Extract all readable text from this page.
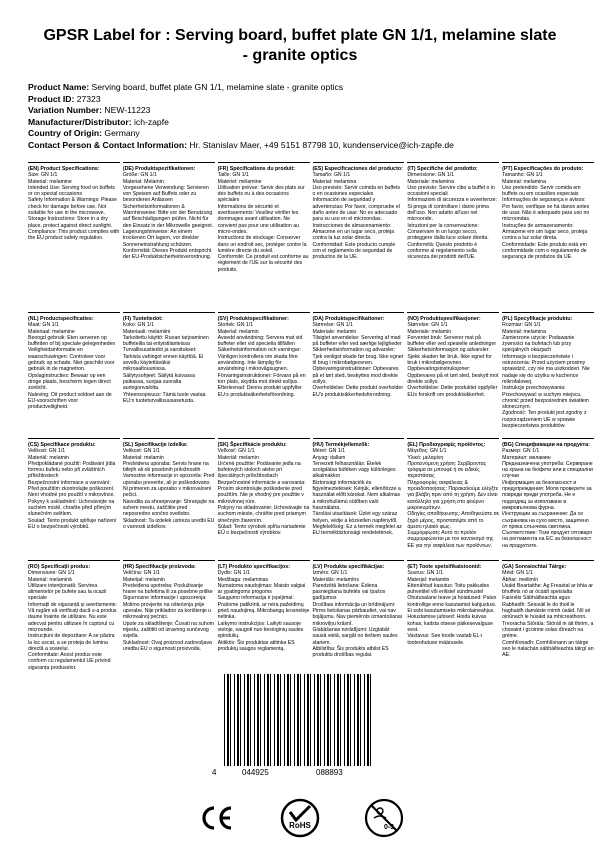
GPSR Label for : Serving board, buffet plate GN 1/1, melamine slate - granite optics
Product Name: Serving board, buffet plate GN 1/1, melamine slate - granite optics
Product ID: 27323
Variation Number: NEW-11223
Manufacturer/Distributor: ich-zapfe
Country of Origin: Germany
Contact Person & Contact Information: Hr. Stanislav Maer, +49 5151 87798 10, kundenservice@ich-zapfe.de
(EN) Product Specifications:
Size: GN 1/1
Material: melamine
Intended Use: Serving food on buffets or on special occasions
Safety Information & Warnings: Please check for damage before use. Not suitable for use in the microwave.
Storage Instructions: Store in a dry place, protect against direct sunlight.
Compliance: This product complies with the EU product safety regulation.
(DE) Produktspezifikationen:
Größe: GN 1/1
Material: Melamin
Vorgesehene Verwendung: Servieren von Speisen auf Buffets oder zu besonderen Anlässen
Sicherheitsinformationen & Warnhinweise: Bitte vor der Benutzung auf Beschädigungen prüfen. Nicht für den Einsatz in der Mikrowelle geeignet.
Lagerungshinweise: An einem trockenen Ort lagern, vor direkter Sonneneinstrahlung schützen.
Konformität: Dieses Produkt entspricht der EU-Produktsicherheitsverordnung.
(FR) Spécifications du produit:
Taille: GN 1/1
Matériel: mélamine
Utilisation prévue: Servir des plats sur des buffets ou à des occasions spéciales
Informations de sécurité et avertissements: Veuillez vérifier les dommages avant utilisation. Ne convient pas pour une utilisation au micro-ondes.
Instructions de stockage: Conserver dans un endroit sec, protéger contre la lumière directe du soleil.
Conformité: Ce produit est conforme au règlement de l'UE sur la sécurité des produits.
(ES) Especificaciones del producto:
Tamaño: GN 1/1
Material: melamina
Uso previsto: Servir comida en buffets o en ocasiones especiales
Información de seguridad y advertencias: Por favor, compruebe el daño antes de usar. No es adecuado para su uso en el microondas.
Instrucciones de almacenamiento: Almacene en un lugar seco, proteja contra la luz solar directa.
Conformidad: Este producto cumple con el reglamento de seguridad de productos de la UE.
(IT) Specifiche del prodotto:
Dimensione: GN 1/1
Materiale: melamina
Uso previsto: Servire cibo a buffet o in occasioni speciali
Informazioni di sicurezza e avvertenze: Si prega di controllare i danni prima dell'uso. Non adatto all'uso nel microonde.
Istruzioni per la conservazione: Conservare in un luogo secco, proteggere dalla luce solare diretta.
Conformità: Questo prodotto è conforme al regolamento sulla sicurezza dei prodotti dell'UE.
(PT) Especificações do produto:
Tamanho: GN 1/1
Material: melamina
Uso pretendido: Servir comida em buffets ou em ocasiões especiais
Informações de segurança e avisos: Por favor, verifique se há danos antes de usar. Não é adequado para uso no microondas.
Instruções de armazenamento: Armazene em um lugar seco, proteja contra a luz solar direta.
Conformidade: Este produto está em conformidade com o regulamento de segurança de produtos da UE.
(NL) Productspecificaties:
Maat: GN 1/1
Materiaal: melamine
Beoogd gebruik: Eten serveren op buffetten of bij speciale gelegenheden
Veiligheidsinformatie en waarschuwingen: Controleer voor gebruik op schade. Niet geschikt voor gebruik in de magnetron.
Opslaginstructies: Bewaar op een droge plaats, bescherm tegen direct zonlicht.
Naleving: Dit product voldoet aan de EU-voorschriften voor productveiligheid.
(FI) Tuotetiedot:
Koko: GN 1/1
Materiaali: melamiini
Tarkoitettu käyttö: Ruoan tarjoaminen buffeteilla tai erityistilanteissa
Turvallisuustiedot ja varoitukset: Tarkista vahingot ennen käyttöä. Ei sovellu käytettäväksi mikroaaltouunissa.
Säilytysohjeet: Säilytä kuivassa paikassa, suojaa suoralta auringonvalolta.
Yhteensopivuus: Tämä tuote vastaa EU:n tuoteturvallisuusasetusta.
(SV) Produktspecifikationer:
Storlek: GN 1/1
Material: melamin
Avsedd användning: Servera mat vid buffeter eller vid speciella tillfällen
Säkerhetsinformation och varningar: Vänligen kontrollera om skada före användning. Inte lämplig för användning i mikrovågsugnen.
Förvaringsinstruktioner: Förvara på en torr plats, skydda mot direkt solljus.
Efterlevnad: Denna produkt uppfyller EU:s produktsäkerhetsförordning.
(DA) Produktspecifikationer:
Størrelse: GN 1/1
Materiale: melamin
Tilsigtet anvendelse: Servering af mad på buffeter eller ved særlige lejligheder
Sikkerhedsinformation og advarsler: Tjek venligst skade før brug. Ikke egnet til brug i mikrobølgeovnen.
Opbevaringsinstruktioner: Opbevares på et tørt sted, beskyttes mod direkte sollys.
Overholdelse: Dette produkt overholder EU's produktsikkerhedsforordning.
(NO) Produktspesifikasjoner:
Størrelse: GN 1/1
Materiale: melamin
Forventet bruk: Serverer mat på buffeter eller ved spesielle anledninger
Sikkerhetsinformasjon og advarsler: Sjekk skaden før bruk. Ikke egnet for bruk i mikrobølgeovnen.
Oppbevaringsinstruksjoner: Oppbevares på et tørt sted, beskytt mot direkte sollys.
Overholdelse: Dette produktet oppfyller EUs forskrift om produktsikkerhet.
(PL) Specyfikacje produktu:
Rozmiar: GN 1/1
Materiał: melamina
Zamierzone użycie: Podawanie żywności na bufetach lub przy specjalnych okazjach
Informacje o bezpieczeństwie i ostrzeżenia: Przed użyciem prosimy sprawdzić, czy nie ma uszkodzeń. Nie nadaje się do użytku w kuchence mikrofalowej.
Instrukcje przechowywania: Przechowywać w suchym miejscu, chronić przed bezpośrednim światłem słonecznym.
Zgodność: Ten produkt jest zgodny z rozporządzeniem UE w sprawie bezpieczeństwa produktów.
(CS) Specifikace produktu:
Velikost: GN 1/1
Materiál: melamin
Předpokládané použití: Podávání jídla formou bufetu nebo při zvláštních příležitostech
Bezpečnostní informace a varování: Před použitím zkontrolujte poškození. Není vhodné pro použití v mikrovlnce.
Pokyny k uskladnění: Uchovávejte na suchém místě, chraňte před přímým slunečním světlem.
Soulad: Tento produkt splňuje nařízení EU o bezpečnosti výrobků.
(SL) Specifikacije izdelka:
Velikost: GN 1/1
Material: melamin
Predvidena uporaba: Servis hrane na bifejih ali ob posebnih priložnostih
Varnostne informacije in opozorila: Pred uporabo preverite, ali je poškodovano. Ni primeren za uporabo v mikrovalovni pečici.
Navodila za shranjevanje: Shranjujte na suhem mestu, zaščitite pred neposredno sončno svetlobo.
Skladnost: Ta izdelek ustreza uredbi EU o varnosti izdelkov.
(SK) Špecifikácie produktu:
Veľkosť: GN 1/1
Materiál: melamín
Určené použitie: Podávanie jedla na bufetových stoloch alebo pri špeciálnych príležitostiach
Bezpečnostné informácie a varovania: Prosím skontrolujte poškodenie pred použitím. Nie je vhodný pre použitie v mikrovlnnej rúre.
Pokyny na skladovanie: Uchovávajte na suchom mieste, chráňte pred priamym slnečným žiarením.
Súlad: Tento výrobok spĺňa nariadenie EÚ o bezpečnosti výrobkov.
(HU) Termékjellemzők:
Méret: GN 1/1
Anyag: dallam
Tervezett felhasználás: Ételek szolgálása büféken vagy különleges alkalmakkor
Biztonsági információk és figyelmeztetések: Kérjük, ellenőrizze a használat előtt károkat. Nem alkalmas a mikrohullámú sütőben való használatra.
Tárolási utasítások: Üzlet egy száraz helyen, védje a közvetlen napfénytől.
Megfelelőség: Ez a termék megfelel az EU termékbiztonsági rendeletének.
(EL) Προδιαγραφές προϊόντος:
Μέγεθος: GN 1/1
Υλικό: μελαμίνη
Προτεινόμενη χρήση: Σερβίροντας τρόφιμα σε μπουφέ ή σε ειδικές περιστάσεις
Πληροφορίες ασφάλειας & προειδοποιήσεις: Παρακαλούμε ελέγξτε για βλάβη πριν από τη χρήση. Δεν είναι κατάλληλο για χρήση στο φούρνο μικροκυμάτων.
Οδηγίες αποθήκευσης: Αποθηκεύστε σε ξηρό μέρος, προστατέψτε από το άμεσο ηλιακό φως.
Συμμόρφωση: Αυτό το προϊόν συμμορφώνεται με τον κανονισμό της ΕΕ για την ασφάλεια των προϊόντων.
(BG) Спецификации на продукта:
Размер: GN 1/1
Материал: меламин
Предназначена употреба: Сервиране на храна на бюфети или в специални случаи
Информация за безопасност и предупреждения: Моля проверете за повреди преди употреба. Не е подходящ за използване в микровълнова фурна.
Инструкции за съхранение: Да се съхранява на сухо място, защитено от пряка слънчева светлина.
Съответствие: Този продукт отговаря на регламента на ЕС за безопасност на продуктите.
(RO) Specificații produs:
Dimensiune: GN 1/1
Material: melamină
Utilizare intenționată: Servirea alimentelor pe bufete sau la ocazii speciale
Informații de siguranță și avertismente: Vă rugăm să verificați dacă s-a produs daune înainte de utilizare. Nu este adecvat pentru utilizare în cuptorul cu microunde.
Instrucțiuni de depozitare: A se păstra la loc uscat, a se proteja de lumina directă a soarelui.
Conformitate: Acest produs este conform cu regulamentul UE privind siguranța produselor.
(HR) Specifikacije proizvoda:
Veličina: GN 1/1
Materijal: melamin
Predviđena upotreba: Posluživanje hrane na bufetima ili za posebne prilike
Sigurnosne informacije i upozorenja: Molimo provjerite na oštećenja prije uporabe. Nije prikladno za korištenje u mikrovalnoj pećnici.
Upute za skladištenje: Čuvati na suhom mjestu, zaštititi od izravnog sunčevog svjetla.
Sukladnost: Ovaj proizvod zadovoljava uredbu EU o sigurnosti proizvoda.
(LT) Produkto specifikacijos:
Dydis: GN 1/1
Medžiaga: melaminas
Numatoma naudojimas: Maisto valgiai ar ypatingoms progoms
Saugumo informacija ir įspėjimai: Prašome patikrinti, ar nėra pažeidimų prieš naudojimą. Mikrobangų krosnelėje netinka.
Laikymo instrukcijos: Laikyti sausoje vietoje, saugoti nuo tiesioginių saulės spindulių.
Atitiktis: Šis produktas atitinka ES produktų saugos reglamentą.
(LV) Produkta specifikācijas:
Izmērs: GN 1/1
Materiāls: melamīns
Paredzētā lietošana: Ēdiena pasniegšana bufetēs vai īpašos gadījumos
Drošības informācija un brīdinājumi: Pirms lietošanas pārbaudiet, vai nav bojājumu. Nav piemērots izmantošanai mikroviļņu krāsnī.
Glabāšanas norādījumi: Uzglabāt sausā vietā, sargāt no tiešiem saules stariem.
Atbilstība: Šis produkts atbilst ES produktu drošības regulai.
(ET) Toote spetsifikatsioonid:
Suurus: GN 1/1
Materjal: melamiin
Ettenähtud kasutus: Toitu pakkudes puhvetitel või erilistel sündmustel
Ohutusalane teave ja hoiatused: Palun kontrollige enne kasutamist kahjustusi. Ei sobi kasutamiseks mikrolaineahjus.
Hoiustamise juhised: Hoida kuivas kohas, kaitsta otsese päikesevalguse eest.
Vastavus: See toode vastab EL-i tooteohutuse määrusele.
(GA) Sonraíochtaí Táirge:
Méid: GN 1/1
Ábhar: meilimín
Úsáid Beartaithe: Ag Freastal ar bhia ar bhuffets nó ar ócáidí speisialta
Faisnéis Sábháilteachta agus Rabhaidh: Seiceáil le do thoil le haghaidh damáiste roimh úsáid. Níl sé oiriúnach le húsáid sa mhicreathonn.
Treoracha Stórála: Stóráil in áit thirim, a chosaint i gcoinne solas díreach na gréine.
Comhlíonadh: Comhlíonann an táirge seo le rialachán sábháilteachta táirgí an AE.
4	044925	088893
RoHS	0-3
